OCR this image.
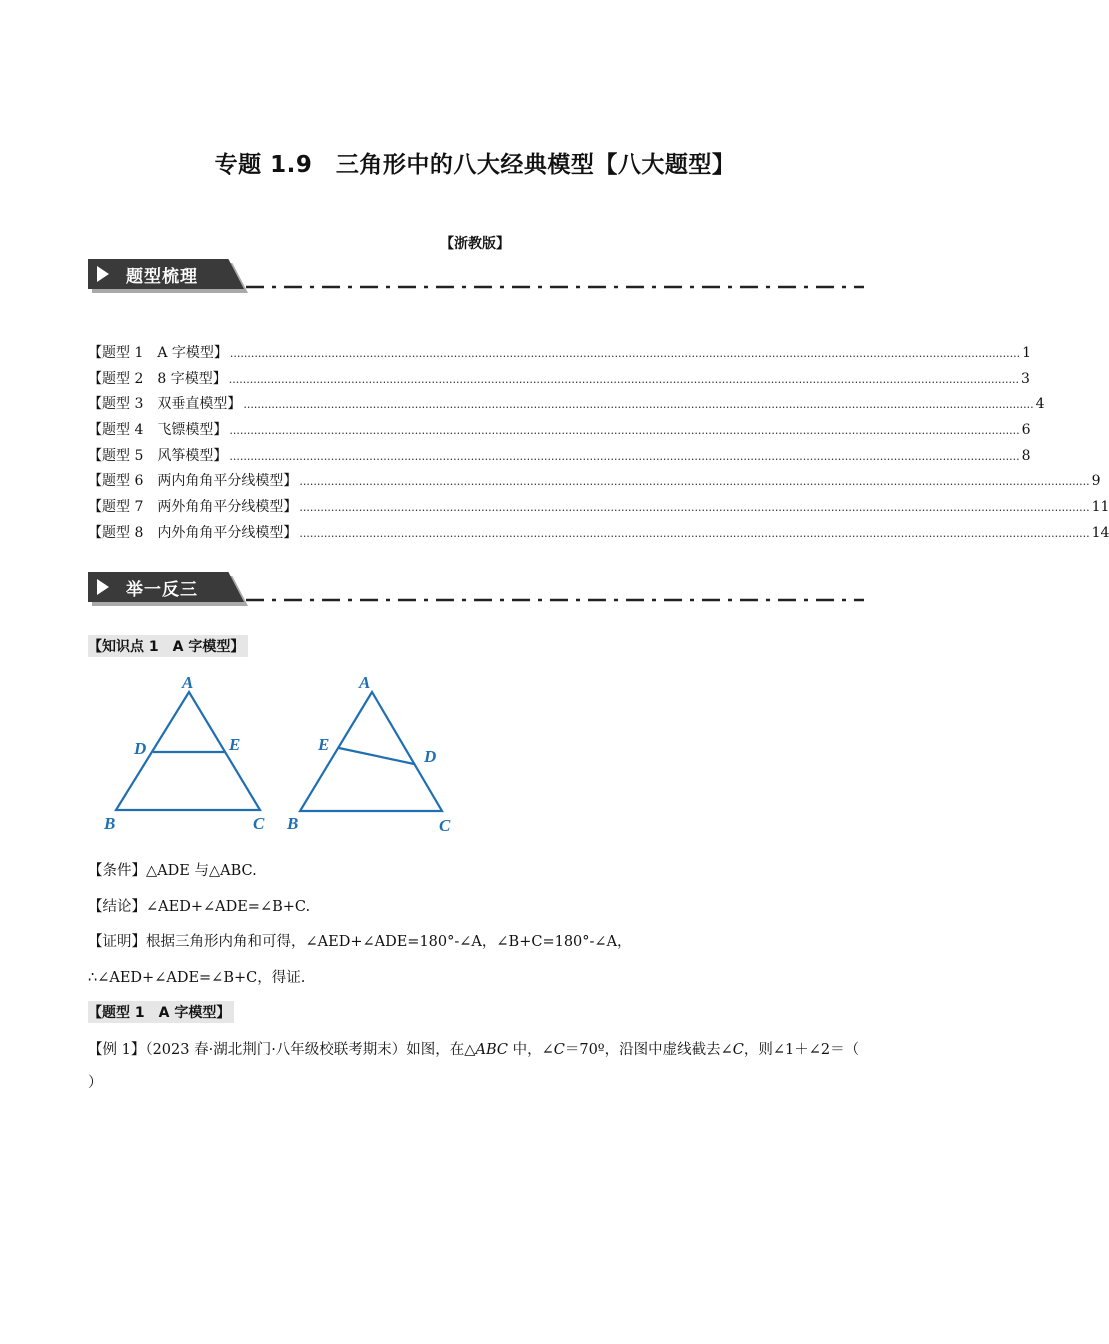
专题 1.9　三角形中的八大经典模型【八大题型】
【浙教版】
题型梳理
【题型 1　A 字模型】 .................................................................................................................................................................................................................................. 1
【题型 2　8 字模型】 .................................................................................................................................................................................................................................. 3
【题型 3　双垂直模型】 .................................................................................................................................................................................................................................. 4
【题型 4　飞镖模型】 .................................................................................................................................................................................................................................. 6
【题型 5　风筝模型】 .................................................................................................................................................................................................................................. 8
【题型 6　两内角角平分线模型】 .................................................................................................................................................................................................................................. 9
【题型 7　两外角角平分线模型】 .................................................................................................................................................................................................................................. 11
【题型 8　内外角角平分线模型】 .................................................................................................................................................................................................................................. 14
举一反三
【知识点 1　A 字模型】
A
D	E
B	C
A
E
D
B	C
【条件】△ADE 与△ABC.
【结论】∠AED+∠ADE=∠B+C.
【证明】根据三角形内角和可得，∠AED+∠ADE=180°-∠A，∠B+C=180°-∠A，
∴∠AED+∠ADE=∠B+C，得证.
【题型 1　A 字模型】
【例 1】（2023 春·湖北荆门·八年级校联考期末）如图，在△ABC 中，∠C＝70º，沿图中虚线截去∠C，则∠1＋∠2＝（ ）
